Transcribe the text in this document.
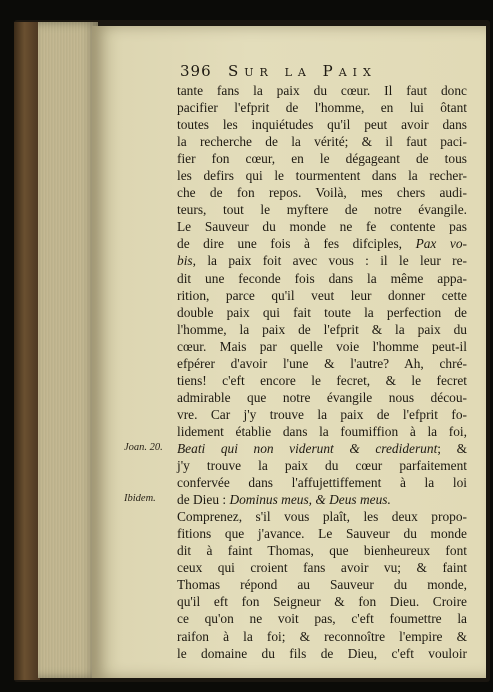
396 Sur la Paix
tante fans la paix du cœur. Il faut donc
pacifier l'efprit de l'homme, en lui ôtant
toutes les inquiétudes qu'il peut avoir dans
la recherche de la vérité; & il faut paci-
fier fon cœur, en le dégageant de tous
les defirs qui le tourmentent dans la recher-
che de fon repos. Voilà, mes chers audi-
teurs, tout le myftere de notre évangile.
Le Sauveur du monde ne fe contente pas
de dire une fois à fes difciples, Pax vo-
bis, la paix foit avec vous : il le leur re-
dit une feconde fois dans la même appa-
rition, parce qu'il veut leur donner cette
double paix qui fait toute la perfection de
l'homme, la paix de l'efprit & la paix du
cœur. Mais par quelle voie l'homme peut-il
efpérer d'avoir l'une & l'autre? Ah, chré-
tiens! c'eft encore le fecret, & le fecret
admirable que notre évangile nous décou-
vre. Car j'y trouve la paix de l'efprit fo-
lidement établie dans la foumiffion à la foi,
Beati qui non viderunt & crediderunt; &
j'y trouve la paix du cœur parfaitement
confervée dans l'affujettiffement à la loi
de Dieu : Dominus meus, & Deus meus.
Comprenez, s'il vous plaît, les deux propo-
fitions que j'avance. Le Sauveur du monde
dit à faint Thomas, que bienheureux font
ceux qui croient fans avoir vu; & faint
Thomas répond au Sauveur du monde,
qu'il eft fon Seigneur & fon Dieu. Croire
ce qu'on ne voit pas, c'eft foumettre la
raifon à la foi; & reconnoître l'empire &
le domaine du fils de Dieu, c'eft vouloir
Joan. 20.
Ibidem.
